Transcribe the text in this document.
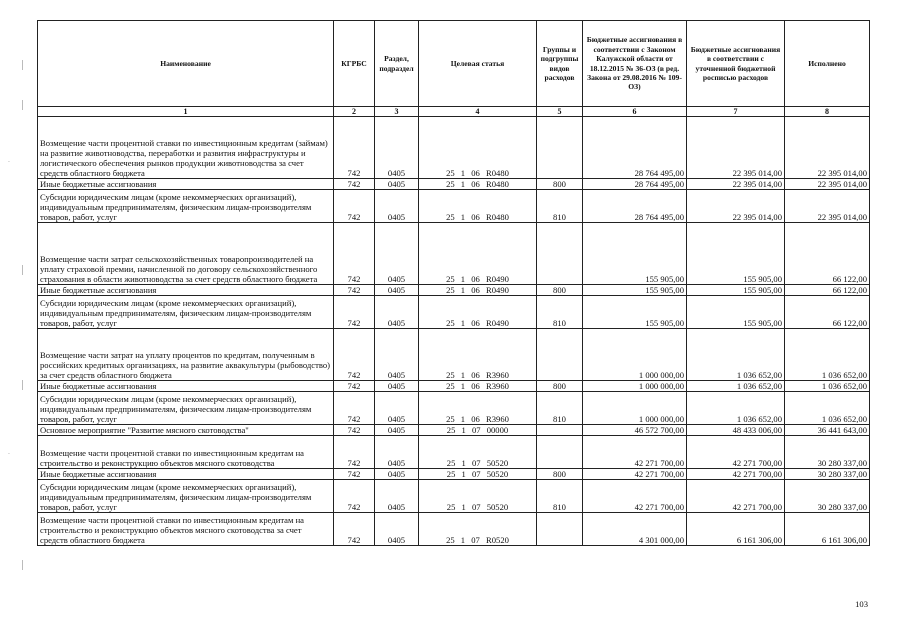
˙
˙
Наименование	КГРБС	Раздел, подраздел	Целевая статья	Группы и подгруппы видов расходов	Бюджетные ассигнования в соответствии с Законом Калужской области от 18.12.2015 № 36-ОЗ (в ред. Закона от 29.08.2016 № 109-ОЗ)	Бюджетные ассигнования в соответствии с уточненной бюджетной росписью расходов	Исполнено
1	2	3	4	5	6	7	8
Возмещение части процентной ставки по инвестиционным кредитам (займам) на развитие животноводства, переработки и развития инфраструктуры и логистического обеспечения рынков продукции животноводства за счет средств областного бюджета	742	0405	25 1 06 R0480		28 764 495,00	22 395 014,00	22 395 014,00
Иные бюджетные ассигнования	742	0405	25 1 06 R0480	800	28 764 495,00	22 395 014,00	22 395 014,00
Субсидии юридическим лицам (кроме некоммерческих организаций), индивидуальным предпринимателям, физическим лицам-производителям товаров, работ, услуг	742	0405	25 1 06 R0480	810	28 764 495,00	22 395 014,00	22 395 014,00
Возмещение части затрат сельскохозяйственных товаропроизводителей на уплату страховой премии, начисленной по договору сельскохозяйственного страхования в области животноводства за счет средств областного бюджета	742	0405	25 1 06 R0490		155 905,00	155 905,00	66 122,00
Иные бюджетные ассигнования	742	0405	25 1 06 R0490	800	155 905,00	155 905,00	66 122,00
Субсидии юридическим лицам (кроме некоммерческих организаций), индивидуальным предпринимателям, физическим лицам-производителям товаров, работ, услуг	742	0405	25 1 06 R0490	810	155 905,00	155 905,00	66 122,00
Возмещение части затрат на уплату процентов по кредитам, полученным в российских кредитных организациях, на развитие аквакультуры (рыбоводство) за счет средств областного бюджета	742	0405	25 1 06 R3960		1 000 000,00	1 036 652,00	1 036 652,00
Иные бюджетные ассигнования	742	0405	25 1 06 R3960	800	1 000 000,00	1 036 652,00	1 036 652,00
Субсидии юридическим лицам (кроме некоммерческих организаций), индивидуальным предпринимателям, физическим лицам-производителям товаров, работ, услуг	742	0405	25 1 06 R3960	810	1 000 000,00	1 036 652,00	1 036 652,00
Основное мероприятие "Развитие мясного скотоводства"	742	0405	25 1 07 00000		46 572 700,00	48 433 006,00	36 441 643,00
Возмещение части процентной ставки по инвестиционным кредитам на строительство и реконструкцию объектов мясного скотоводства	742	0405	25 1 07 50520		42 271 700,00	42 271 700,00	30 280 337,00
Иные бюджетные ассигнования	742	0405	25 1 07 50520	800	42 271 700,00	42 271 700,00	30 280 337,00
Субсидии юридическим лицам (кроме некоммерческих организаций), индивидуальным предпринимателям, физическим лицам-производителям товаров, работ, услуг	742	0405	25 1 07 50520	810	42 271 700,00	42 271 700,00	30 280 337,00
Возмещение части процентной ставки по инвестиционным кредитам на строительство и реконструкцию объектов мясного скотоводства за счет средств областного бюджета	742	0405	25 1 07 R0520		4 301 000,00	6 161 306,00	6 161 306,00
103
